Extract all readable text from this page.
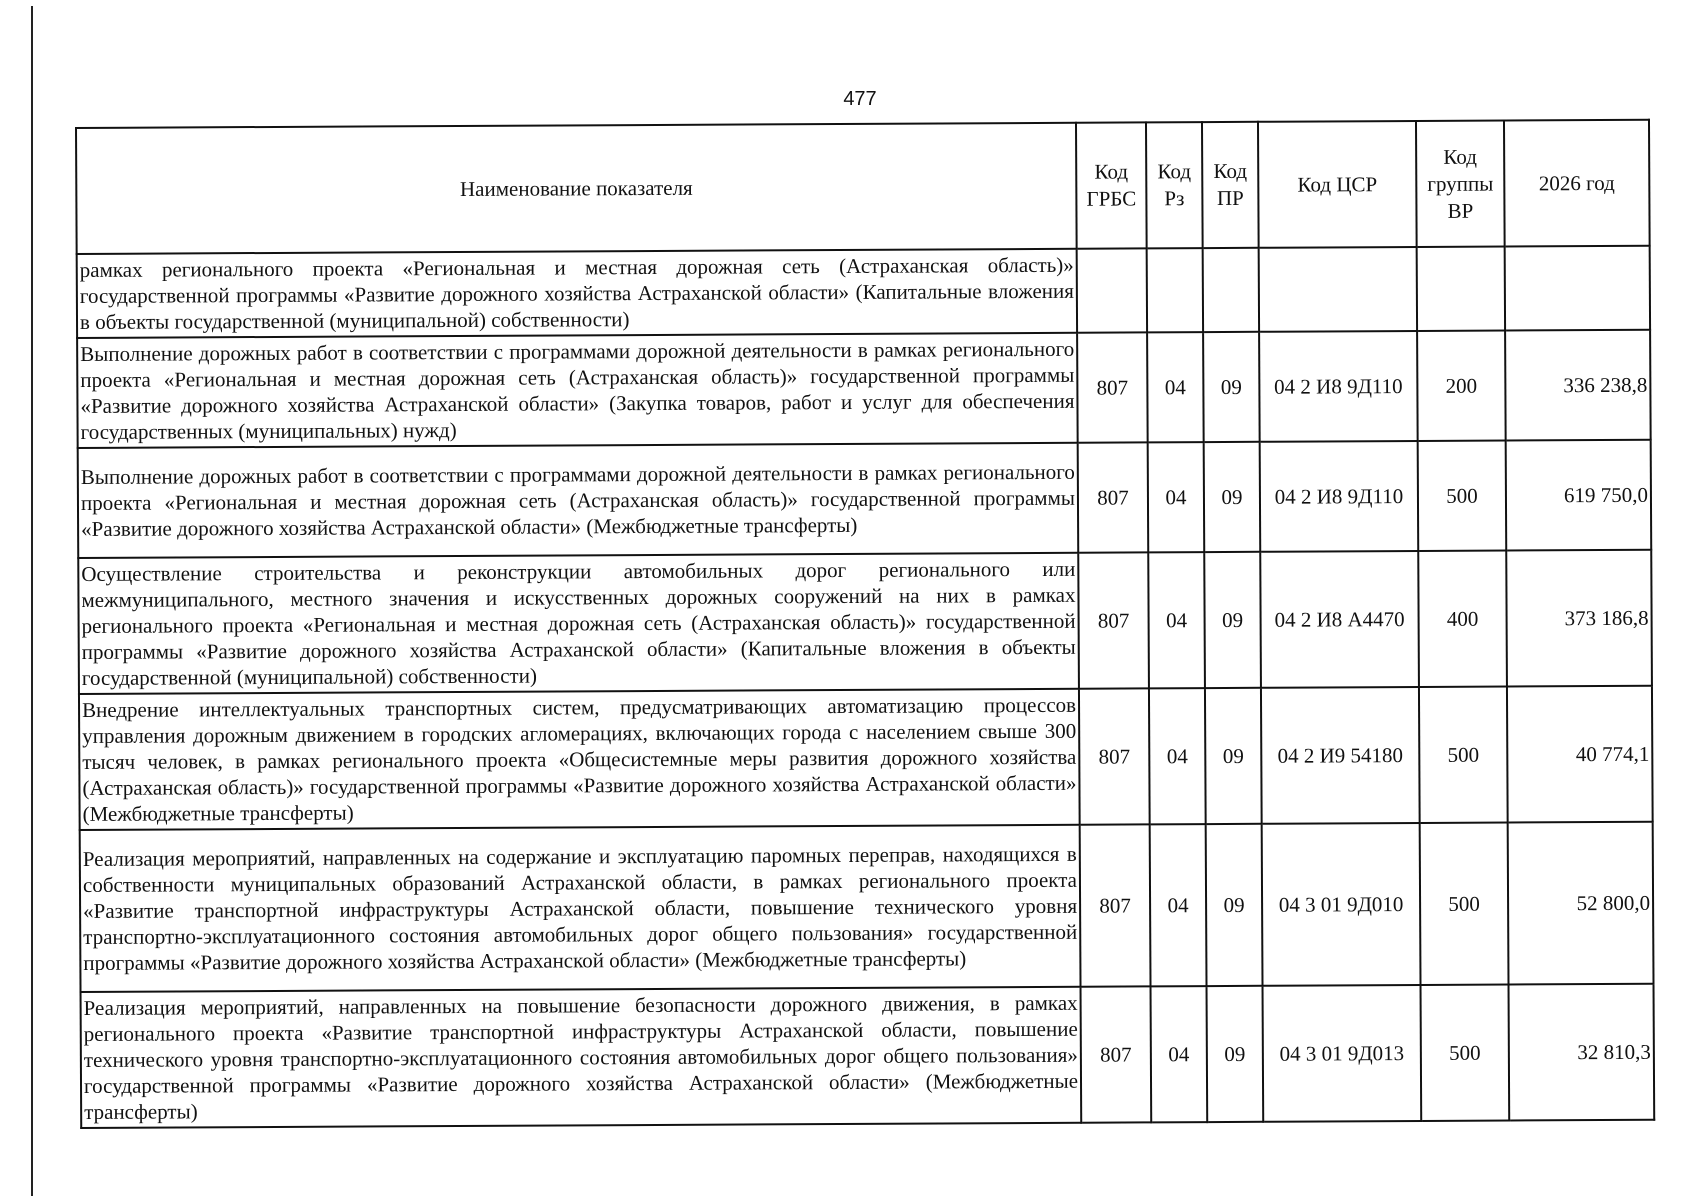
477
Наименование показателя	Код ГРБС	Код Рз	Код ПР	Код ЦСР	Код группы ВР	2026 год
рамках регионального проекта «Региональная и местная дорожная сеть (Астраханская область)» государственной программы «Развитие дорожного хозяйства Астраханской области» (Капитальные вложения в объекты государственной (муниципальной) собственности)						
Выполнение дорожных работ в соответствии с программами дорожной деятельности в рамках регионального проекта «Региональная и местная дорожная сеть (Астраханская область)» государственной программы «Развитие дорожного хозяйства Астраханской области» (Закупка товаров, работ и услуг для обеспечения государственных (муниципальных) нужд)	807	04	09	04 2 И8 9Д110	200	336 238,8
Выполнение дорожных работ в соответствии с программами дорожной деятельности в рамках регионального проекта «Региональная и местная дорожная сеть (Астраханская область)» государственной программы «Развитие дорожного хозяйства Астраханской области» (Межбюджетные трансферты)	807	04	09	04 2 И8 9Д110	500	619 750,0
Осуществление строительства и реконструкции автомобильных дорог регионального или межмуниципального, местного значения и искусственных дорожных сооружений на них в рамках регионального проекта «Региональная и местная дорожная сеть (Астраханская область)» государственной программы «Развитие дорожного хозяйства Астраханской области» (Капитальные вложения в объекты государственной (муниципальной) собственности)	807	04	09	04 2 И8 А4470	400	373 186,8
Внедрение интеллектуальных транспортных систем, предусматривающих автоматизацию процессов управления дорожным движением в городских агломерациях, включающих города с населением свыше 300 тысяч человек, в рамках регионального проекта «Общесистемные меры развития дорожного хозяйства (Астраханская область)» государственной программы «Развитие дорожного хозяйства Астраханской области» (Межбюджетные трансферты)	807	04	09	04 2 И9 54180	500	40 774,1
Реализация мероприятий, направленных на содержание и эксплуатацию паромных переправ, находящихся в собственности муниципальных образований Астраханской области, в рамках регионального проекта «Развитие транспортной инфраструктуры Астраханской области, повышение технического уровня транспортно-эксплуатационного состояния автомобильных дорог общего пользования» государственной программы «Развитие дорожного хозяйства Астраханской области» (Межбюджетные трансферты)	807	04	09	04 3 01 9Д010	500	52 800,0
Реализация мероприятий, направленных на повышение безопасности дорожного движения, в рамках регионального проекта «Развитие транспортной инфраструктуры Астраханской области, повышение технического уровня транспортно-эксплуатационного состояния автомобильных дорог общего пользования» государственной программы «Развитие дорожного хозяйства Астраханской области» (Межбюджетные трансферты)	807	04	09	04 3 01 9Д013	500	32 810,3
